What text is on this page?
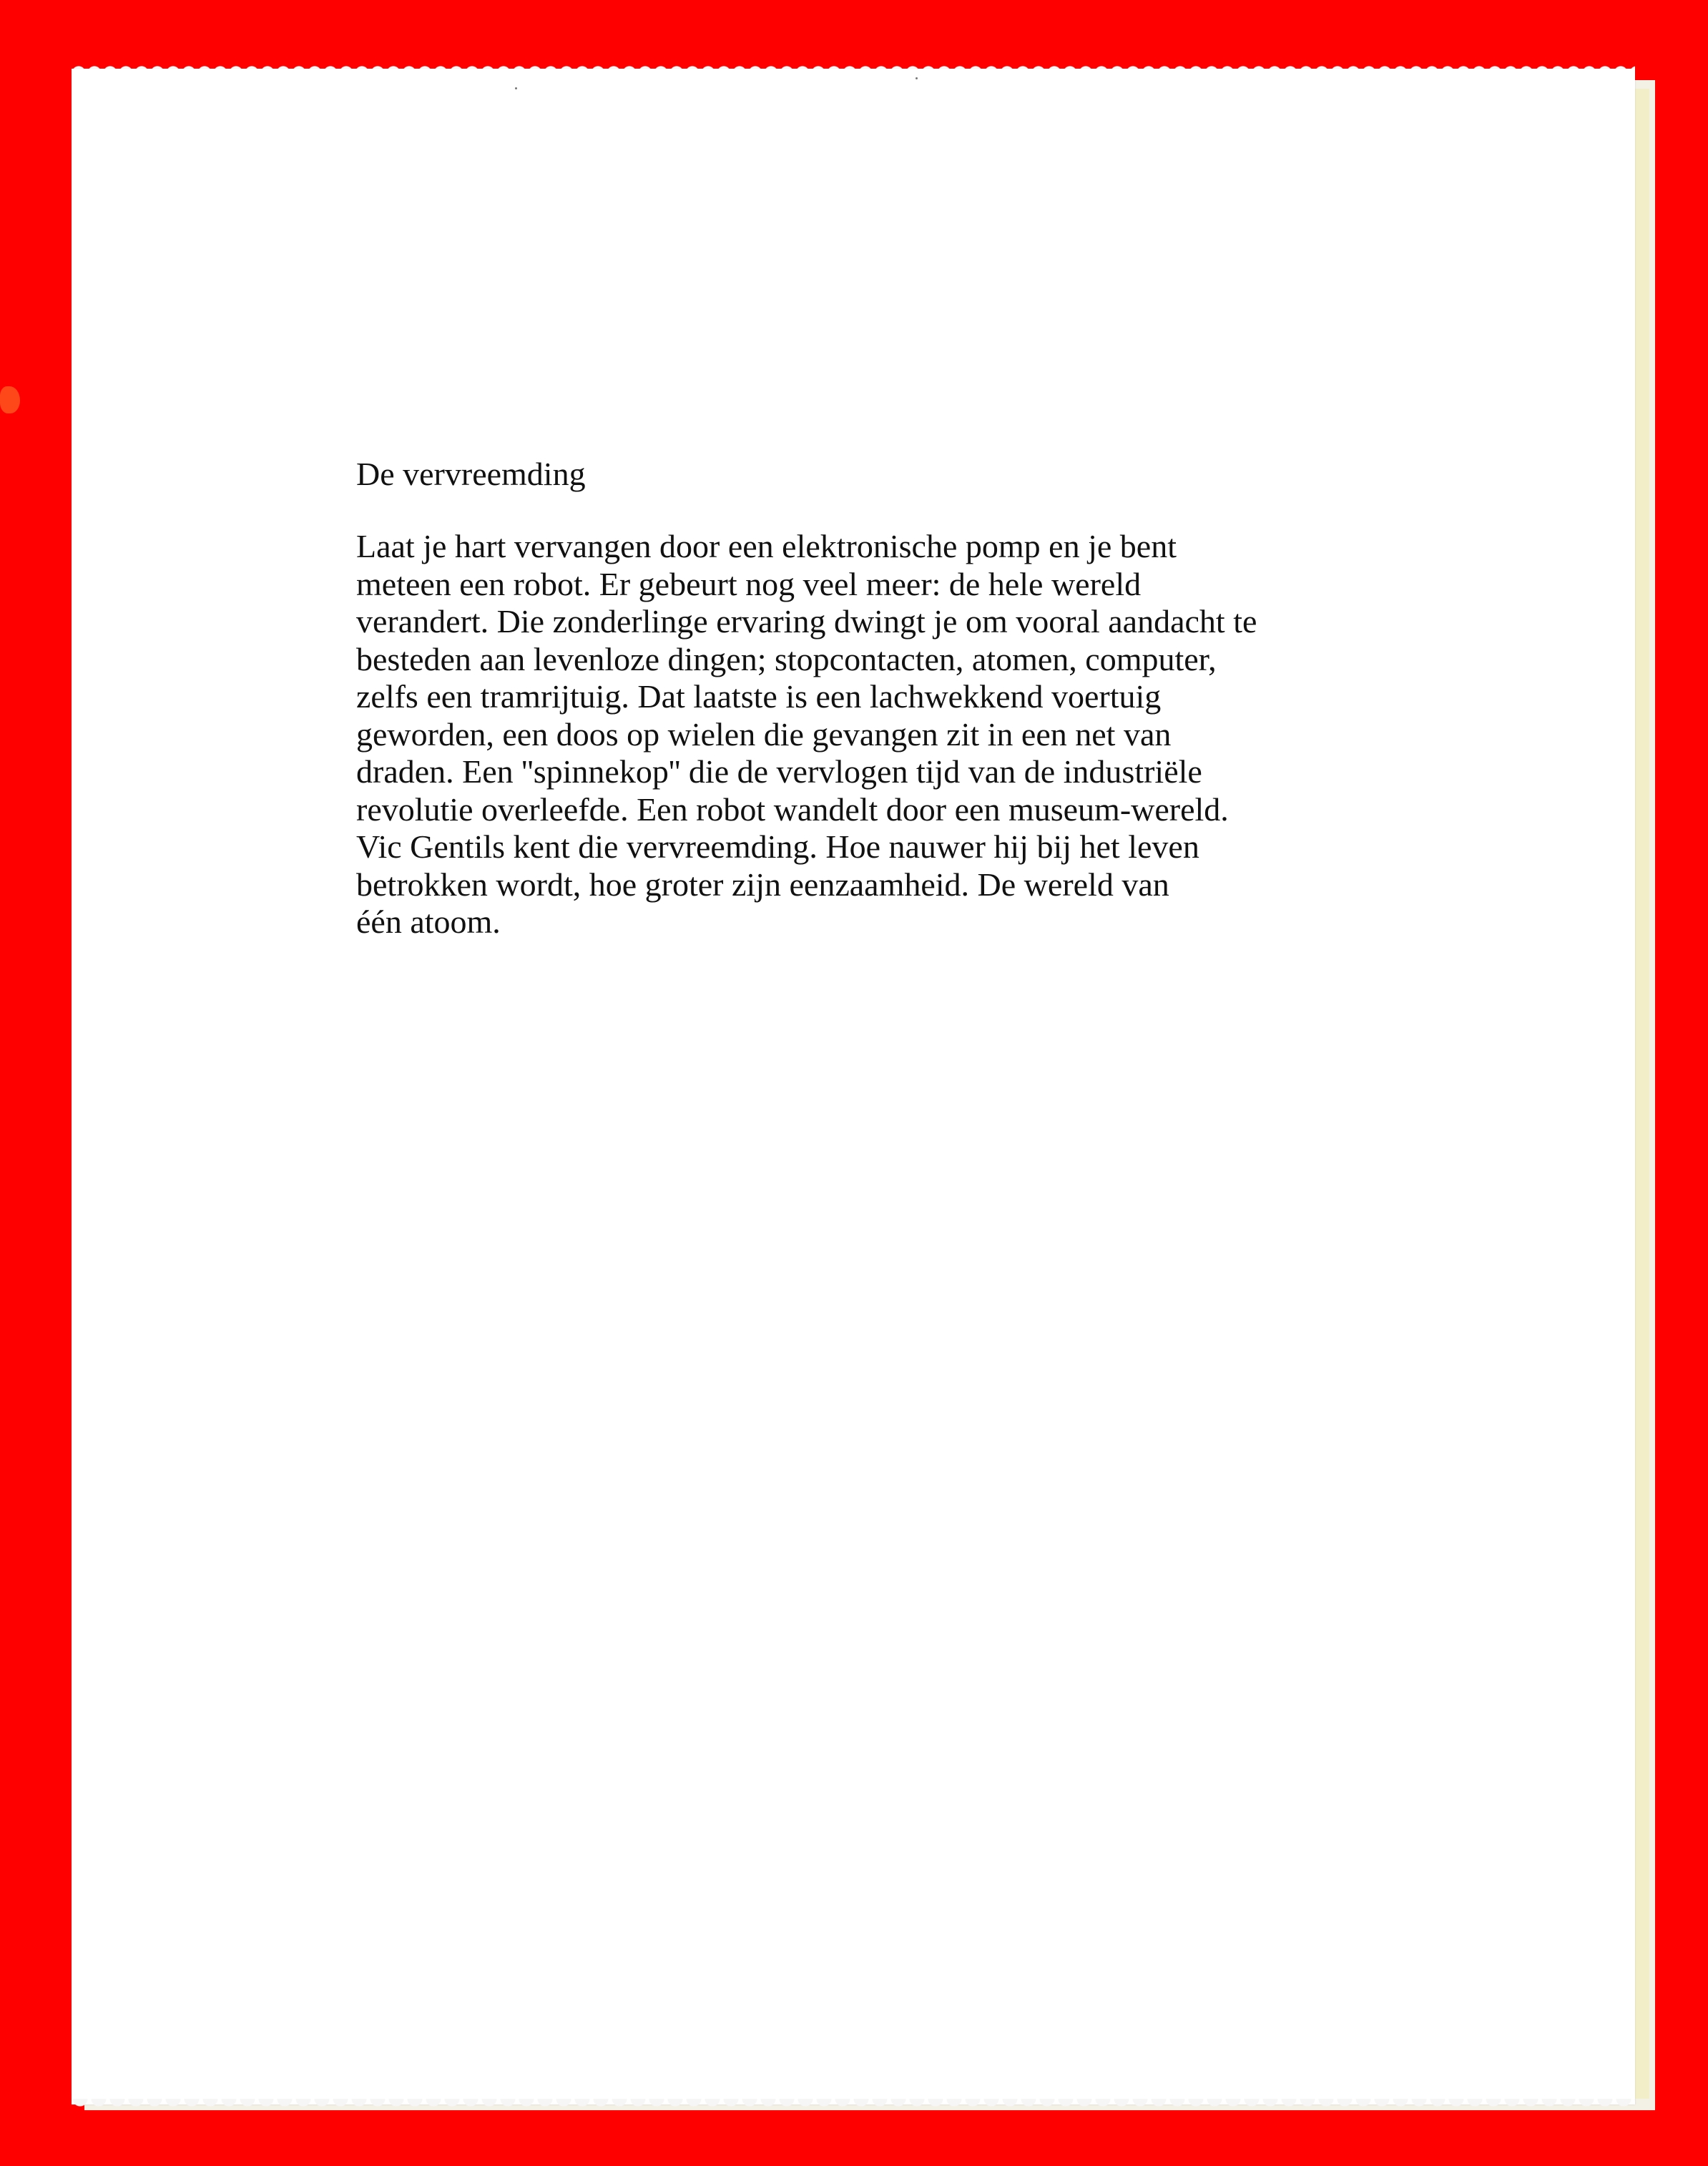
De vervreemding

Laat je hart vervangen door een elektronische pomp en je bent
meteen een robot. Er gebeurt nog veel meer: de hele wereld
verandert. Die zonderlinge ervaring dwingt je om vooral aandacht te
besteden aan levenloze dingen; stopcontacten, atomen, computer,
zelfs een tramrijtuig. Dat laatste is een lachwekkend voertuig
geworden, een doos op wielen die gevangen zit in een net van
draden. Een ''spinnekop'' die de vervlogen tijd van de industriële
revolutie overleefde. Een robot wandelt door een museum-wereld.
Vic Gentils kent die vervreemding. Hoe nauwer hij bij het leven
betrokken wordt, hoe groter zijn eenzaamheid. De wereld van
één atoom.
